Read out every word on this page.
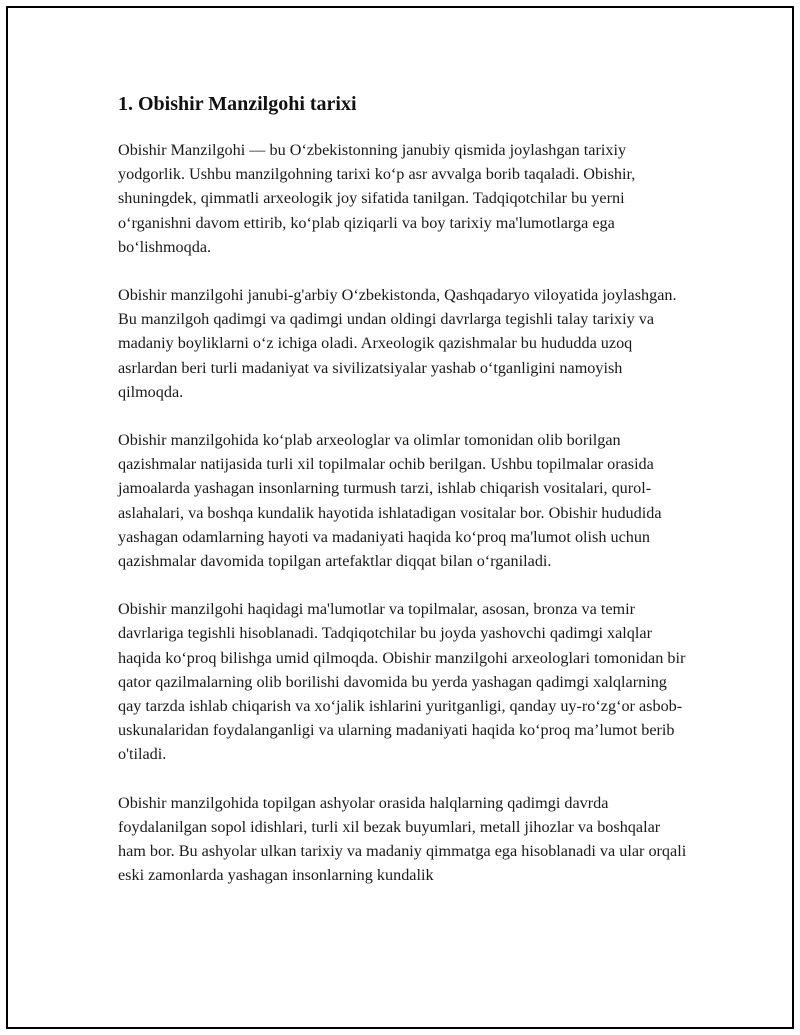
1. Obishir Manzilgohi tarixi

Obishir Manzilgohi — bu O‘zbekistonning janubiy qismida joylashgan tarixiy yodgorlik. Ushbu manzilgohning tarixi ko‘p asr avvalga borib taqaladi. Obishir, shuningdek, qimmatli arxeologik joy sifatida tanilgan. Tadqiqotchilar bu yerni o‘rganishni davom ettirib, ko‘plab qiziqarli va boy tarixiy ma'lumotlarga ega bo‘lishmoqda.

Obishir manzilgohi janubi-g'arbiy O‘zbekistonda, Qashqadaryo viloyatida joylashgan. Bu manzilgoh qadimgi va qadimgi undan oldingi davrlarga tegishli talay tarixiy va madaniy boyliklarni o‘z ichiga oladi. Arxeologik qazishmalar bu hududda uzoq asrlardan beri turli madaniyat va sivilizatsiyalar yashab o‘tganligini namoyish qilmoqda.

Obishir manzilgohida ko‘plab arxeologlar va olimlar tomonidan olib borilgan qazishmalar natijasida turli xil topilmalar ochib berilgan. Ushbu topilmalar orasida jamoalarda yashagan insonlarning turmush tarzi, ishlab chiqarish vositalari, qurol-aslahalari, va boshqa kundalik hayotida ishlatadigan vositalar bor. Obishir hududida yashagan odamlarning hayoti va madaniyati haqida ko‘proq ma'lumot olish uchun qazishmalar davomida topilgan artefaktlar diqqat bilan o‘rganiladi.

Obishir manzilgohi haqidagi ma'lumotlar va topilmalar, asosan, bronza va temir davrlariga tegishli hisoblanadi. Tadqiqotchilar bu joyda yashovchi qadimgi xalqlar haqida ko‘proq bilishga umid qilmoqda. Obishir manzilgohi arxeologlari tomonidan bir qator qazilmalarning olib borilishi davomida bu yerda yashagan qadimgi xalqlarning qay tarzda ishlab chiqarish va xo‘jalik ishlarini yuritganligi, qanday uy-ro‘zg‘or asbob-uskunalaridan foydalanganligi va ularning madaniyati haqida ko‘proq ma’lumot berib o'tiladi.

Obishir manzilgohida topilgan ashyolar orasida halqlarning qadimgi davrda foydalanilgan sopol idishlari, turli xil bezak buyumlari, metall jihozlar va boshqalar ham bor. Bu ashyolar ulkan tarixiy va madaniy qimmatga ega hisoblanadi va ular orqali eski zamonlarda yashagan insonlarning kundalik
